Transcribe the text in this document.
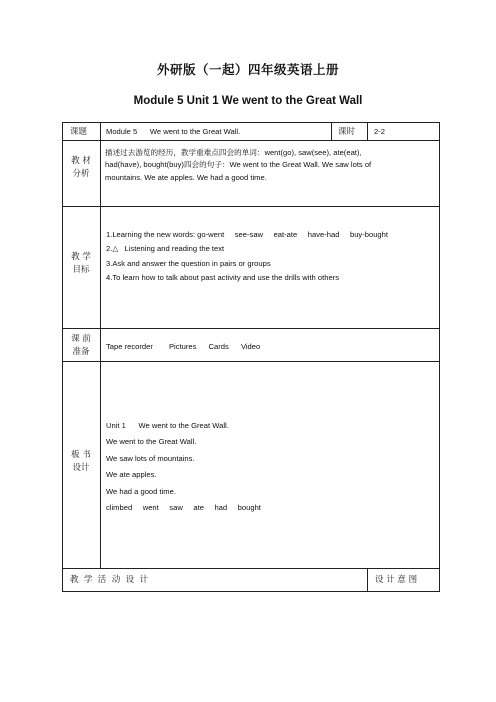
外研版（一起）四年级英语上册
Module 5 Unit 1 We went to the Great Wall
课题 Module 5      We went to the Great Wall.	课时 2-2
教 材
分析
描述过去游览的经历，教学重难点四会的单词：went(go), saw(see), ate(eat),
had(have), bought(buy)四会的句子：We went to the Great Wall. We saw lots of
mountains. We ate apples. We had a good time.
教 学
目标
1.Learning the new words: go-went     see-saw     eat-ate     have-had     buy-bought
2.△   Listening and reading the text
3.Ask and answer the question in pairs or groups
4.To learn how to talk about past activity and use the drills with others
课 前
准备
Tape recorder Pictures Cards Video
板 书
设计
Unit 1      We went to the Great Wall.
We went to the Great Wall.
We saw lots of mountains.
We ate apples.
We had a good time.
climbed     went     saw     ate     had     bought
教  学  活  动  设  计	设 计 意 图
